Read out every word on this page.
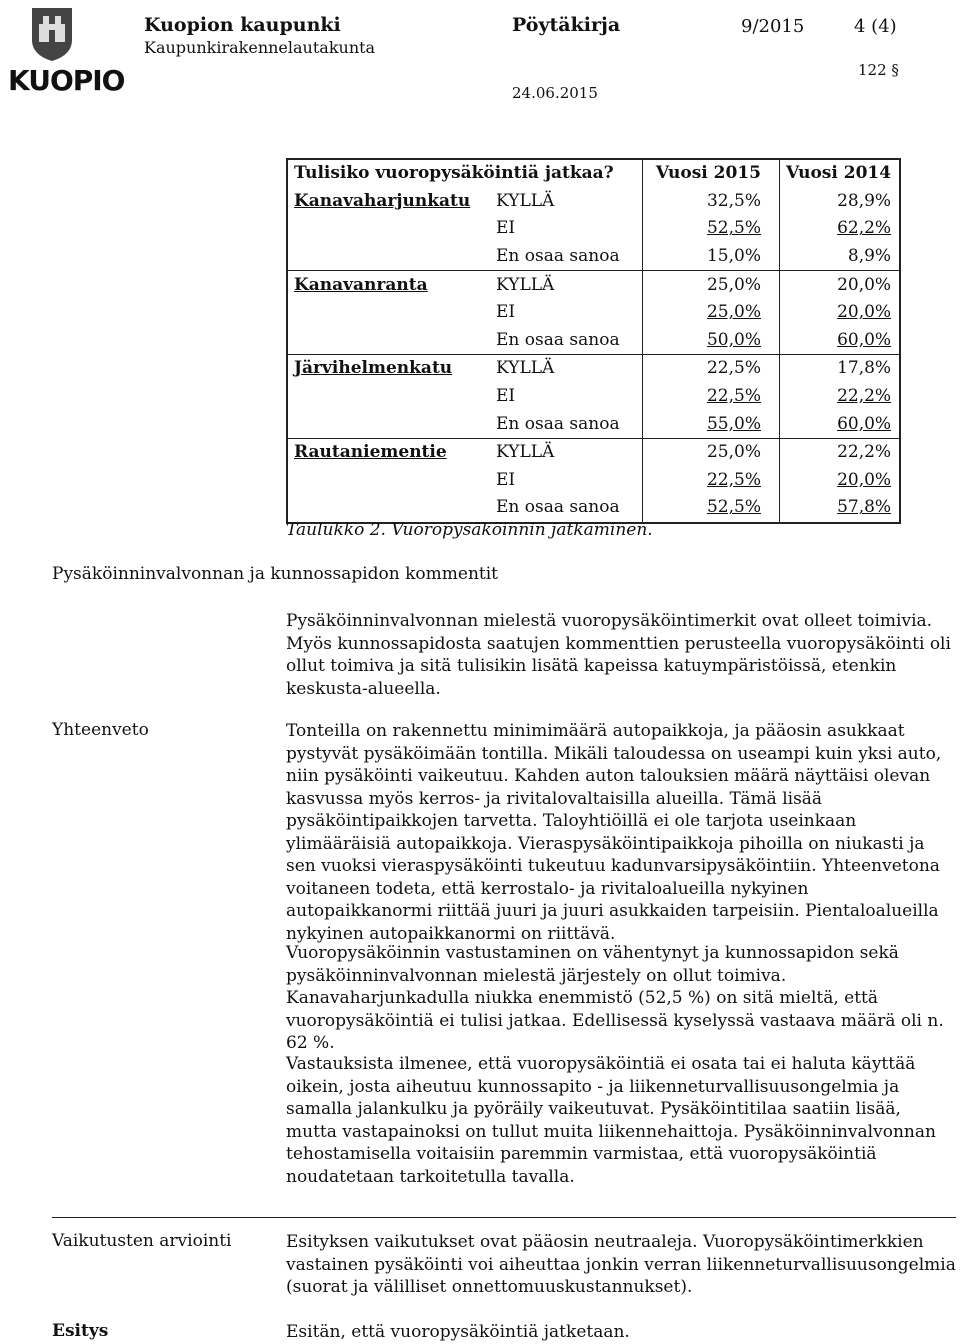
KUOPIO
Kuopion kaupunki
Kaupunkirakennelautakunta
Pöytäkirja	9/2015	4 (4)
122 §
24.06.2015
Tulisiko vuoropysäköintiä jatkaa?		Vuosi 2015	Vuosi 2014
Kanavaharjunkatu	KYLLÄ	32,5%	28,9%
	EI	52,5%	62,2%
	En osaa sanoa	15,0%	8,9%
Kanavanranta	KYLLÄ	25,0%	20,0%
	EI	25,0%	20,0%
	En osaa sanoa	50,0%	60,0%
Järvihelmenkatu	KYLLÄ	22,5%	17,8%
	EI	22,5%	22,2%
	En osaa sanoa	55,0%	60,0%
Rautaniementie	KYLLÄ	25,0%	22,2%
	EI	22,5%	20,0%
	En osaa sanoa	52,5%	57,8%
Taulukko 2. Vuoropysäköinnin jatkaminen.
Pysäköinninvalvonnan ja kunnossapidon kommentit
Pysäköinninvalvonnan mielestä vuoropysäköintimerkit ovat olleet toimivia. Myös kunnossapidosta saatujen kommenttien perusteella vuoropysäköinti oli ollut toimiva ja sitä tulisikin lisätä kapeissa katuympäristöissä, etenkin keskusta-alueella.
Yhteenveto	Tonteilla on rakennettu minimimäärä autopaikkoja, ja pääosin asukkaat pystyvät pysäköimään tontilla. Mikäli taloudessa on useampi kuin yksi auto, niin pysäköinti vaikeutuu. Kahden auton talouksien määrä näyttäisi olevan kasvussa myös kerros- ja rivitalovaltaisilla alueilla. Tämä lisää pysäköintipaikkojen tarvetta. Taloyhtiöillä ei ole tarjota useinkaan ylimääräisiä autopaikkoja. Vieraspysäköintipaikkoja pihoilla on niukasti ja sen vuoksi vieraspysäköinti tukeutuu kadunvarsipysäköintiin. Yhteenvetona voitaneen todeta, että kerrostalo- ja rivitaloalueilla nykyinen autopaikkanormi riittää juuri ja juuri asukkaiden tarpeisiin. Pientaloalueilla nykyinen autopaikkanormi on riittävä.
Vuoropysäköinnin vastustaminen on vähentynyt ja kunnossapidon sekä pysäköinninvalvonnan mielestä järjestely on ollut toimiva. Kanavaharjunkadulla niukka enemmistö (52,5 %) on sitä mieltä, että vuoropysäköintiä ei tulisi jatkaa. Edellisessä kyselyssä vastaava määrä oli n. 62 %.
Vastauksista ilmenee, että vuoropysäköintiä ei osata tai ei haluta käyttää oikein, josta aiheutuu kunnossapito - ja liikenneturvallisuusongelmia ja samalla jalankulku ja pyöräily vaikeutuvat. Pysäköintitilaa saatiin lisää, mutta vastapainoksi on tullut muita liikennehaittoja. Pysäköinninvalvonnan tehostamisella voitaisiin paremmin varmistaa, että vuoropysäköintiä noudatetaan tarkoitetulla tavalla.
Vaikutusten arviointi	Esityksen vaikutukset ovat pääosin neutraaleja. Vuoropysäköintimerkkien vastainen pysäköinti voi aiheuttaa jonkin verran liikenneturvallisuusongelmia (suorat ja välilliset onnettomuuskustannukset).
Esitys	Esitän, että vuoropysäköintiä jatketaan.
